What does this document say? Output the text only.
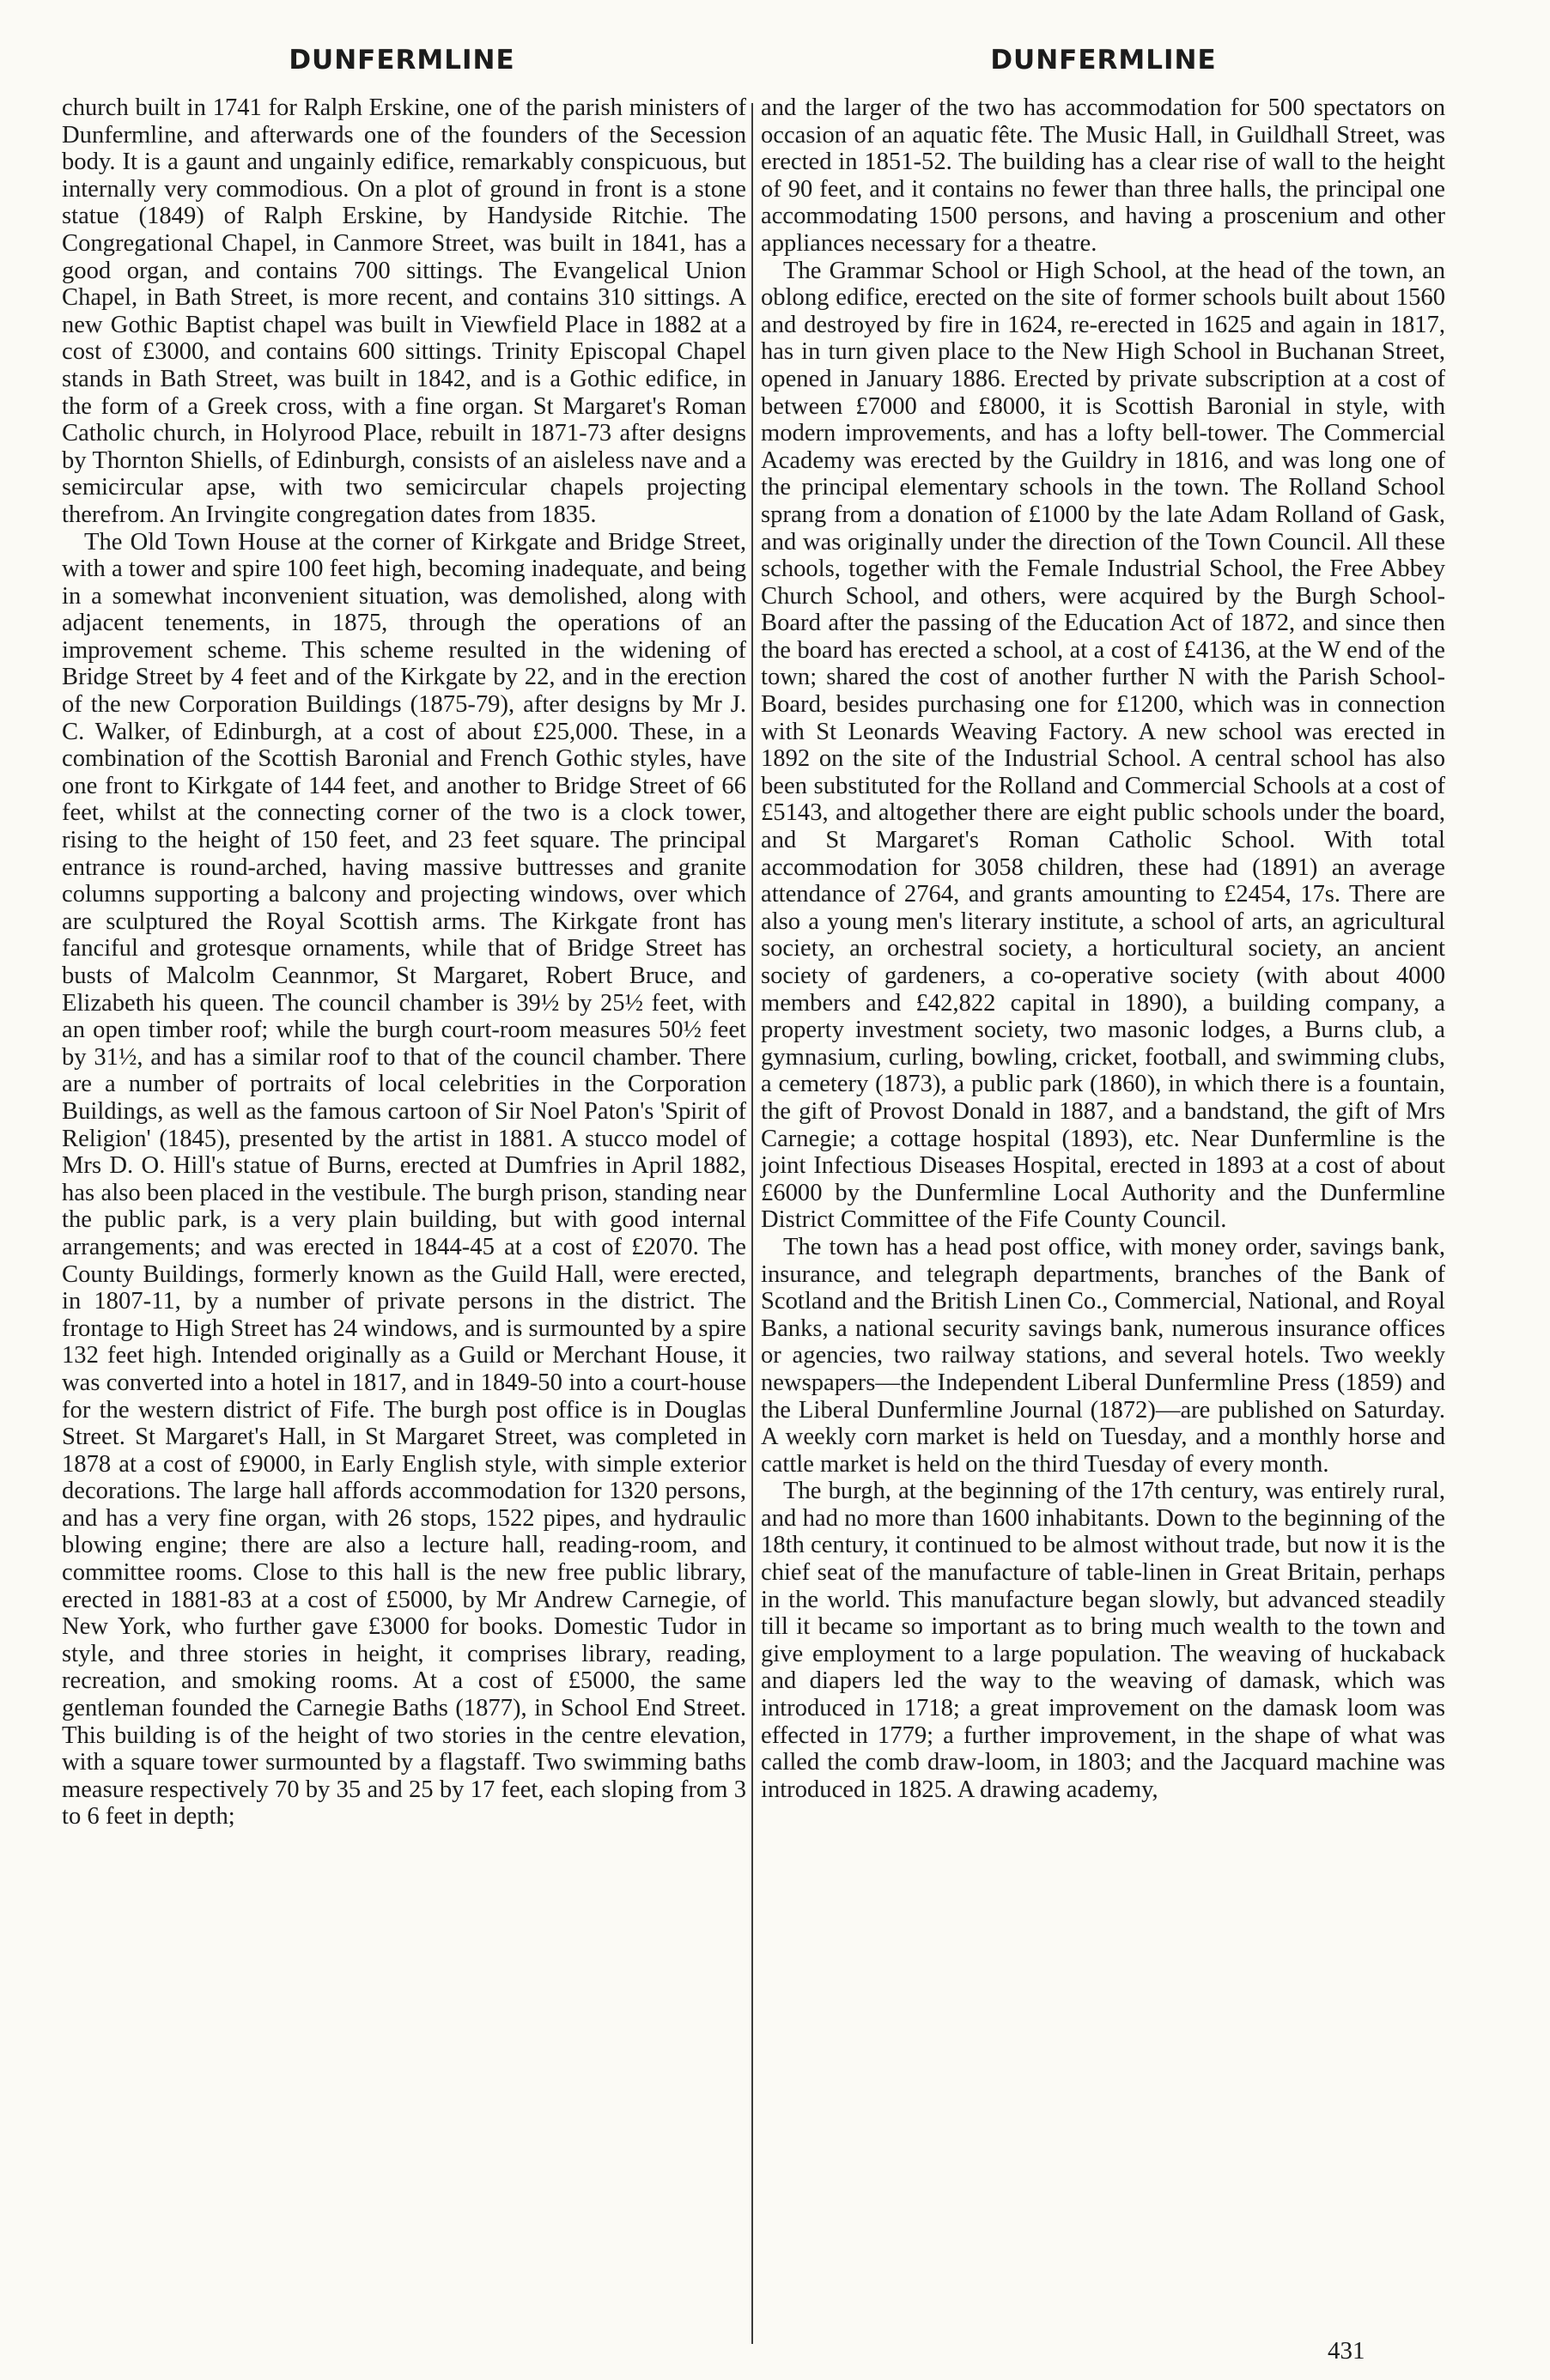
DUNFERMLINE	DUNFERMLINE

church built in 1741 for Ralph Erskine, one of the parish ministers of Dunfermline, and afterwards one of the founders of the Secession body. It is a gaunt and ungainly edifice, remarkably conspicuous, but internally very commodious. On a plot of ground in front is a stone statue (1849) of Ralph Erskine, by Handyside Ritchie. The Congregational Chapel, in Canmore Street, was built in 1841, has a good organ, and contains 700 sittings. The Evangelical Union Chapel, in Bath Street, is more recent, and contains 310 sittings. A new Gothic Baptist chapel was built in Viewfield Place in 1882 at a cost of £3000, and contains 600 sittings. Trinity Episcopal Chapel stands in Bath Street, was built in 1842, and is a Gothic edifice, in the form of a Greek cross, with a fine organ. St Margaret's Roman Catholic church, in Holyrood Place, rebuilt in 1871-73 after designs by Thornton Shiells, of Edinburgh, consists of an aisleless nave and a semicircular apse, with two semicircular chapels projecting therefrom. An Irvingite congregation dates from 1835.

The Old Town House at the corner of Kirkgate and Bridge Street, with a tower and spire 100 feet high, becoming inadequate, and being in a somewhat inconvenient situation, was demolished, along with adjacent tenements, in 1875, through the operations of an improvement scheme. This scheme resulted in the widening of Bridge Street by 4 feet and of the Kirkgate by 22, and in the erection of the new Corporation Buildings (1875-79), after designs by Mr J. C. Walker, of Edinburgh, at a cost of about £25,000. These, in a combination of the Scottish Baronial and French Gothic styles, have one front to Kirkgate of 144 feet, and another to Bridge Street of 66 feet, whilst at the connecting corner of the two is a clock tower, rising to the height of 150 feet, and 23 feet square. The principal entrance is round-arched, having massive buttresses and granite columns supporting a balcony and projecting windows, over which are sculptured the Royal Scottish arms. The Kirkgate front has fanciful and grotesque ornaments, while that of Bridge Street has busts of Malcolm Ceannmor, St Margaret, Robert Bruce, and Elizabeth his queen. The council chamber is 39½ by 25½ feet, with an open timber roof; while the burgh court-room measures 50½ feet by 31½, and has a similar roof to that of the council chamber. There are a number of portraits of local celebrities in the Corporation Buildings, as well as the famous cartoon of Sir Noel Paton's 'Spirit of Religion' (1845), presented by the artist in 1881. A stucco model of Mrs D. O. Hill's statue of Burns, erected at Dumfries in April 1882, has also been placed in the vestibule. The burgh prison, standing near the public park, is a very plain building, but with good internal arrangements; and was erected in 1844-45 at a cost of £2070. The County Buildings, formerly known as the Guild Hall, were erected, in 1807-11, by a number of private persons in the district. The frontage to High Street has 24 windows, and is surmounted by a spire 132 feet high. Intended originally as a Guild or Merchant House, it was converted into a hotel in 1817, and in 1849-50 into a court-house for the western district of Fife. The burgh post office is in Douglas Street. St Margaret's Hall, in St Margaret Street, was completed in 1878 at a cost of £9000, in Early English style, with simple exterior decorations. The large hall affords accommodation for 1320 persons, and has a very fine organ, with 26 stops, 1522 pipes, and hydraulic blowing engine; there are also a lecture hall, reading-room, and committee rooms. Close to this hall is the new free public library, erected in 1881-83 at a cost of £5000, by Mr Andrew Carnegie, of New York, who further gave £3000 for books. Domestic Tudor in style, and three stories in height, it comprises library, reading, recreation, and smoking rooms. At a cost of £5000, the same gentleman founded the Carnegie Baths (1877), in School End Street. This building is of the height of two stories in the centre elevation, with a square tower surmounted by a flagstaff. Two swimming baths measure respectively 70 by 35 and 25 by 17 feet, each sloping from 3 to 6 feet in depth;

and the larger of the two has accommodation for 500 spectators on occasion of an aquatic fête. The Music Hall, in Guildhall Street, was erected in 1851-52. The building has a clear rise of wall to the height of 90 feet, and it contains no fewer than three halls, the principal one accommodating 1500 persons, and having a proscenium and other appliances necessary for a theatre.

The Grammar School or High School, at the head of the town, an oblong edifice, erected on the site of former schools built about 1560 and destroyed by fire in 1624, re-erected in 1625 and again in 1817, has in turn given place to the New High School in Buchanan Street, opened in January 1886. Erected by private subscription at a cost of between £7000 and £8000, it is Scottish Baronial in style, with modern improvements, and has a lofty bell-tower. The Commercial Academy was erected by the Guildry in 1816, and was long one of the principal elementary schools in the town. The Rolland School sprang from a donation of £1000 by the late Adam Rolland of Gask, and was originally under the direction of the Town Council. All these schools, together with the Female Industrial School, the Free Abbey Church School, and others, were acquired by the Burgh School-Board after the passing of the Education Act of 1872, and since then the board has erected a school, at a cost of £4136, at the W end of the town; shared the cost of another further N with the Parish School-Board, besides purchasing one for £1200, which was in connection with St Leonards Weaving Factory. A new school was erected in 1892 on the site of the Industrial School. A central school has also been substituted for the Rolland and Commercial Schools at a cost of £5143, and altogether there are eight public schools under the board, and St Margaret's Roman Catholic School. With total accommodation for 3058 children, these had (1891) an average attendance of 2764, and grants amounting to £2454, 17s. There are also a young men's literary institute, a school of arts, an agricultural society, an orchestral society, a horticultural society, an ancient society of gardeners, a co-operative society (with about 4000 members and £42,822 capital in 1890), a building company, a property investment society, two masonic lodges, a Burns club, a gymnasium, curling, bowling, cricket, football, and swimming clubs, a cemetery (1873), a public park (1860), in which there is a fountain, the gift of Provost Donald in 1887, and a bandstand, the gift of Mrs Carnegie; a cottage hospital (1893), etc. Near Dunfermline is the joint Infectious Diseases Hospital, erected in 1893 at a cost of about £6000 by the Dunfermline Local Authority and the Dunfermline District Committee of the Fife County Council.

The town has a head post office, with money order, savings bank, insurance, and telegraph departments, branches of the Bank of Scotland and the British Linen Co., Commercial, National, and Royal Banks, a national security savings bank, numerous insurance offices or agencies, two railway stations, and several hotels. Two weekly newspapers—the Independent Liberal Dunfermline Press (1859) and the Liberal Dunfermline Journal (1872)—are published on Saturday. A weekly corn market is held on Tuesday, and a monthly horse and cattle market is held on the third Tuesday of every month.

The burgh, at the beginning of the 17th century, was entirely rural, and had no more than 1600 inhabitants. Down to the beginning of the 18th century, it continued to be almost without trade, but now it is the chief seat of the manufacture of table-linen in Great Britain, perhaps in the world. This manufacture began slowly, but advanced steadily till it became so important as to bring much wealth to the town and give employment to a large population. The weaving of huckaback and diapers led the way to the weaving of damask, which was introduced in 1718; a great improvement on the damask loom was effected in 1779; a further improvement, in the shape of what was called the comb draw-loom, in 1803; and the Jacquard machine was introduced in 1825. A drawing academy,

431
